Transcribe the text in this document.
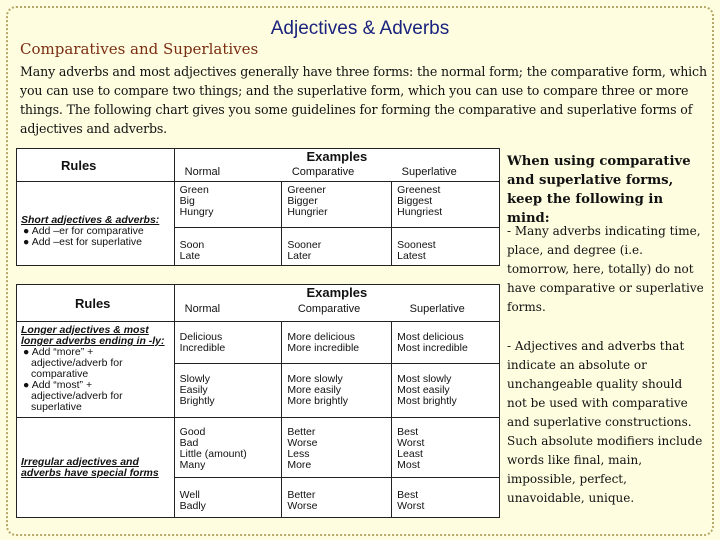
Adjectives & Adverbs
Comparatives and Superlatives
Many adverbs and most adjectives generally have three forms: the normal form; the comparative form, which you can use to compare two things; and the superlative form, which you can use to compare three or more things. The following chart gives you some guidelines for forming the comparative and superlative forms of adjectives and adverbs.
Rules	Examples		
	Normal	Comparative	Superlative
Short adjectives & adverbs:
● Add –er for comparative
● Add –est for superlative	Green
Big
Hungry	Greener
Bigger
Hungrier	Greenest
Biggest
Hungriest
	Soon
Late	Sooner
Later	Soonest
Latest
Rules	Examples		
	Normal	Comparative	Superlative
Longer adjectives & most longer adverbs ending in -ly:
● Add “more” + adjective/adverb for comparative
● Add “most” + adjective/adverb for superlative	Delicious
Incredible	More delicious
More incredible	Most delicious
Most incredible
	Slowly
Easily
Brightly	More slowly
More easily
More brightly	Most slowly
Most easily
Most brightly
Irregular adjectives and adverbs have special forms	Good
Bad
Little (amount)
Many	Better
Worse
Less
More	Best
Worst
Least
Most
	Well
Badly	Better
Worse	Best
Worst
When using comparative and superlative forms, keep the following in mind:
- Many adverbs indicating time, place, and degree (i.e. tomorrow, here, totally) do not have comparative or superlative forms.
- Adjectives and adverbs that indicate an absolute or unchangeable quality should not be used with comparative and superlative constructions. Such absolute modifiers include words like final, main, impossible, perfect, unavoidable, unique.
